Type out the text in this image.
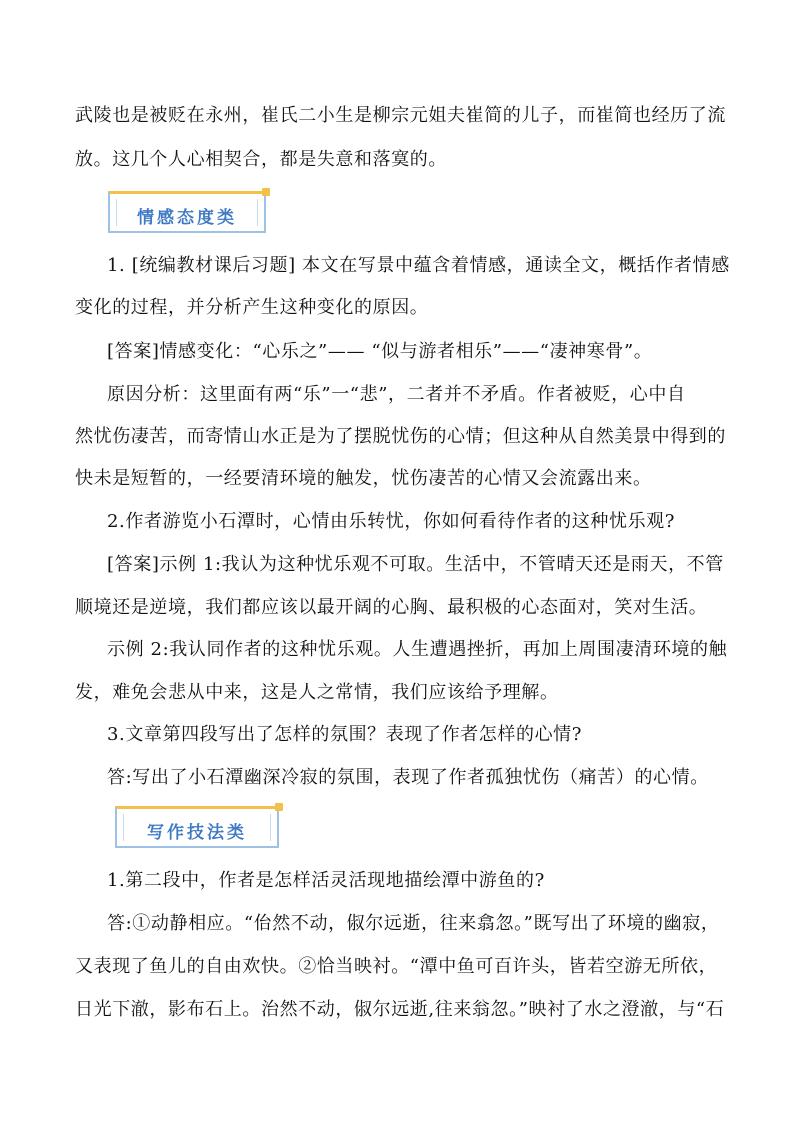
武陵也是被贬在永州，崔氏二小生是柳宗元姐夫崔简的儿子，而崔简也经历了流
放。这几个人心相契合，都是失意和落寞的。
情感态度类
1. [统编教材课后习题] 本文在写景中蕴含着情感，通读全文，概括作者情感
变化的过程，并分析产生这种变化的原因。
[答案]情感变化：“心乐之”—— “似与游者相乐”——“凄神寒骨”。
原因分析：这里面有两“乐”一“悲”，二者并不矛盾。作者被贬，心中自
然忧伤凄苦，而寄情山水正是为了摆脱忧伤的心情；但这种从自然美景中得到的
快未是短暂的，一经要清环境的触发，忧伤凄苦的心情又会流露出来。
2.作者游览小石潭时，心情由乐转忧，你如何看待作者的这种忧乐观?
[答案]示例 1:我认为这种忧乐观不可取。生活中，不管晴天还是雨天，不管
顺境还是逆境，我们都应该以最开阔的心胸、最积极的心态面对，笑对生活。
示例 2:我认同作者的这种忧乐观。人生遭遇挫折，再加上周围凄清环境的触
发，难免会悲从中来，这是人之常情，我们应该给予理解。
3.文章第四段写出了怎样的氛围？表现了作者怎样的心情?
答:写出了小石潭幽深冷寂的氛围，表现了作者孤独忧伤（痛苦）的心情。
写作技法类
1.第二段中，作者是怎样活灵活现地描绘潭中游鱼的?
答:①动静相应。“佁然不动，俶尔远逝，往来翕忽。”既写出了环境的幽寂，
又表现了鱼儿的自由欢快。②恰当映衬。“潭中鱼可百许头，皆若空游无所依，
日光下澈，影布石上。治然不动，俶尔远逝,往来翁忽。”映衬了水之澄澈，与“石
